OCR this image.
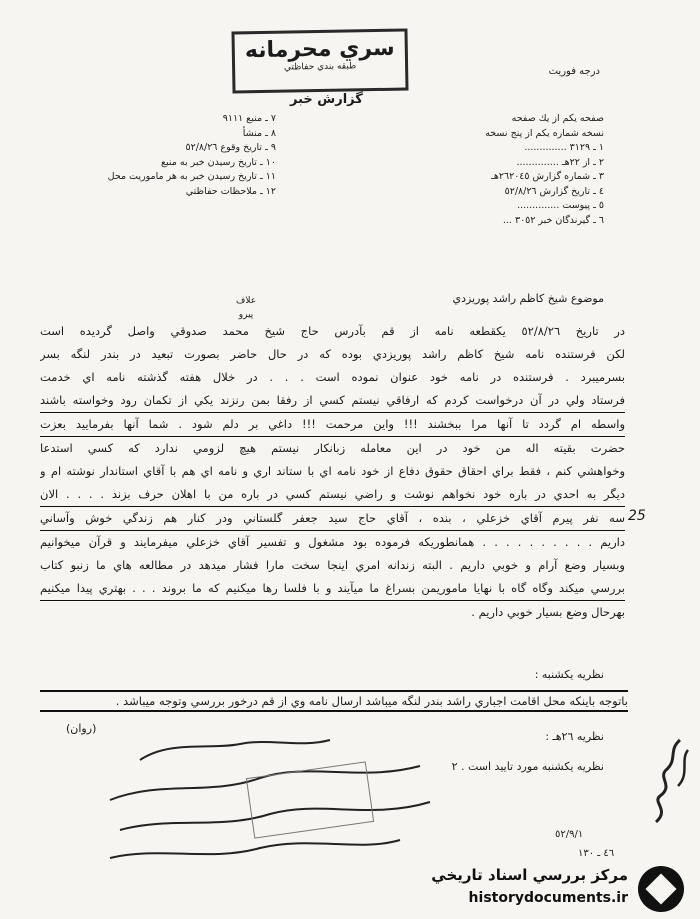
سري محرمانه
طبقه بندي حفاظتي	درجه فوريت
گزارش خبر
صفحه يكم از يك صفحه
نسخه شماره يكم از پنج نسخه
١ ـ ٣١٢٩ ..............
٢ ـ از ٢٢هـ ..............
٣ ـ شماره گزارش ٢٦٢٠٤٥هـ
٤ ـ تاريخ گزارش ٥٢/٨/٢٦
٥ ـ پيوست ..............
٦ ـ گيرندگان خبر ٣٠٥٢ ...
٧ ـ منبع ٩١١١
٨ ـ منشأ
٩ ـ تاريخ وقوع ٥٢/٨/٢٦
١٠ ـ تاريخ رسيدن خبر به منبع
١١ ـ تاريخ رسيدن خبر به هر ماموريت محل
١٢ ـ ملاحظات حفاظتي
موضوع شيخ كاظم راشد پوريزدي
علاف
پيرو
در تاريخ ٥٢/٨/٢٦ يكقطعه نامه از قم بآدرس حاج شيخ محمد صدوقي واصل گرديده است
لكن فرستنده نامه شيخ كاظم راشد پوريزدي بوده كه در حال حاضر بصورت تبعيد در بندر لنگه بسر
بسرميبرد . فرستنده در نامه خود عنوان نموده است . . . در خلال هفته گذشته نامه اي خدمت
فرستاد ولي در آن درخواست كردم كه ارفاقي نيستم كسي از رفقا بمن رنزند يكي از تكمان رود وخواسته باشند
واسطه ام گردد تا آنها مرا ببخشند !!! واين مرحمت !!! داغي بر دلم شود . شما آنها بفرماييد بعزت
حضرت بقيته اله من خود در اين معامله زبانكار نيستم هيچ لزومي ندارد كه كسي استدعا
وخواهشي كنم ، فقط براي احقاق حقوق دفاع از خود نامه اي با ستاند اري و نامه اي هم با آقاي استاندار نوشته ام و
ديگر به احدي در باره خود نخواهم نوشت و راضي نيستم كسي در باره من با اهلان حرف بزند . . . . الان
سه نفر پيرم آقاي خزعلي ، بنده ، آقاي حاج سيد جعفر گلستاني ودر كنار هم زندگي خوش وآساني
داريم . . . . . . . . . . همانطوريكه فرموده بود مشغول و تفسير آقاي خزعلي ميفرمايند و قرآن ميخوانيم
وبسيار وضع آرام و خوبي داريم . البته زندانه امري اينجا سخت مارا فشار ميدهد در مطالعه هاي ما زنبو كتاب
بررسي ميكند وگاه گاه با نهايا ماموريمن بسراغ ما ميآيند و با فلسا رها ميكنيم كه ما بروند . . . بهتري پيدا ميكنيم
بهرحال وضع بسيار خوبي داريم .
25
نظريه يكشنبه :
باتوجه باينكه محل اقامت اجباري راشد بندر لنگه ميباشد ارسال نامه وي از قم درخور بررسي وتوجه ميباشد .
(روان)
نظريه ٢٦هـ :
نظريه يكشنبه مورد تاييد است . ٢
٥٢/٩/١
٤٦ ـ ١٣٠
مركز بررسي اسناد تاريخي
historydocuments.ir
